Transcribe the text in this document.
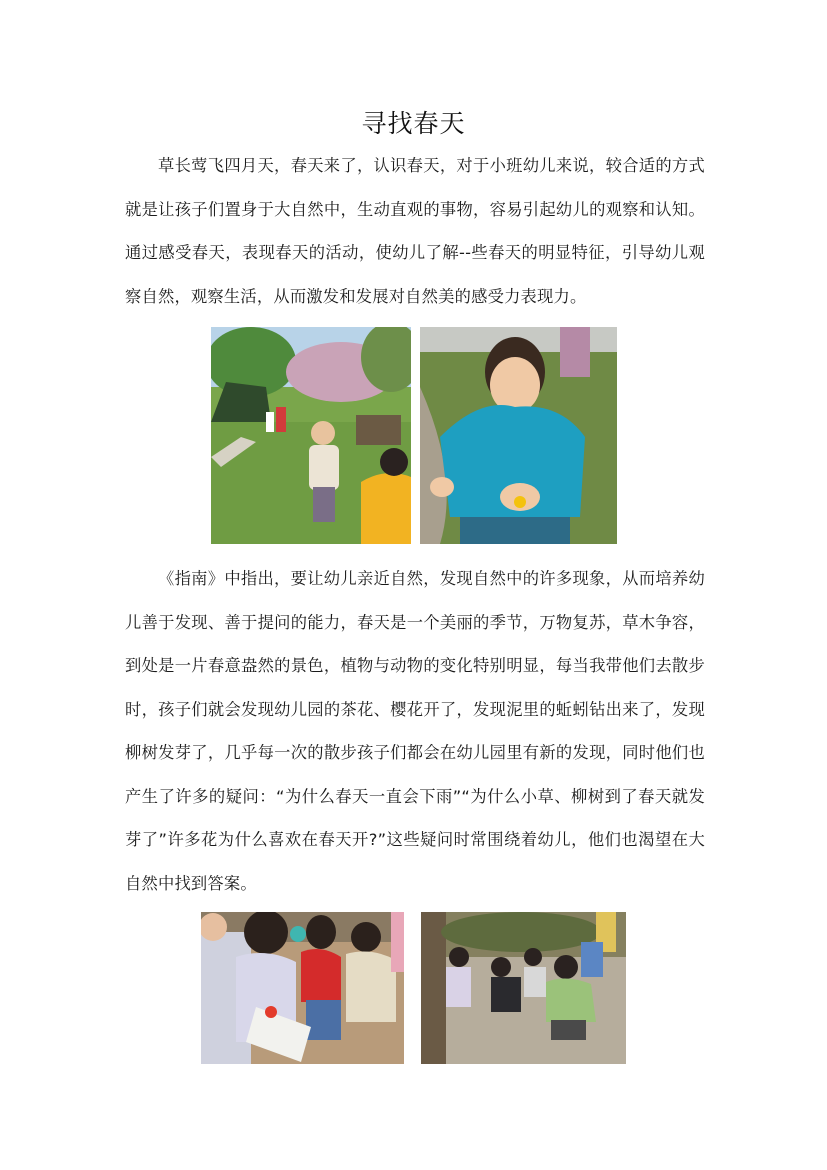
寻找春天

草长莺飞四月天，春天来了，认识春天，对于小班幼儿来说，较合适的方式就是让孩子们置身于大自然中，生动直观的事物，容易引起幼儿的观察和认知。通过感受春天，表现春天的活动，使幼儿了解--些春天的明显特征，引导幼儿观察自然，观察生活，从而激发和发展对自然美的感受力表现力。

《指南》中指出，要让幼儿亲近自然，发现自然中的许多现象，从而培养幼儿善于发现、善于提问的能力，春天是一个美丽的季节，万物复苏，草木争容，到处是一片春意盎然的景色，植物与动物的变化特别明显，每当我带他们去散步时，孩子们就会发现幼儿园的茶花、樱花开了，发现泥里的蚯蚓钻出来了，发现柳树发芽了，几乎每一次的散步孩子们都会在幼儿园里有新的发现，同时他们也产生了许多的疑问：“为什么春天一直会下雨”“为什么小草、柳树到了春天就发芽了”许多花为什么喜欢在春天开?”这些疑问时常围绕着幼儿，他们也渴望在大自然中找到答案。
